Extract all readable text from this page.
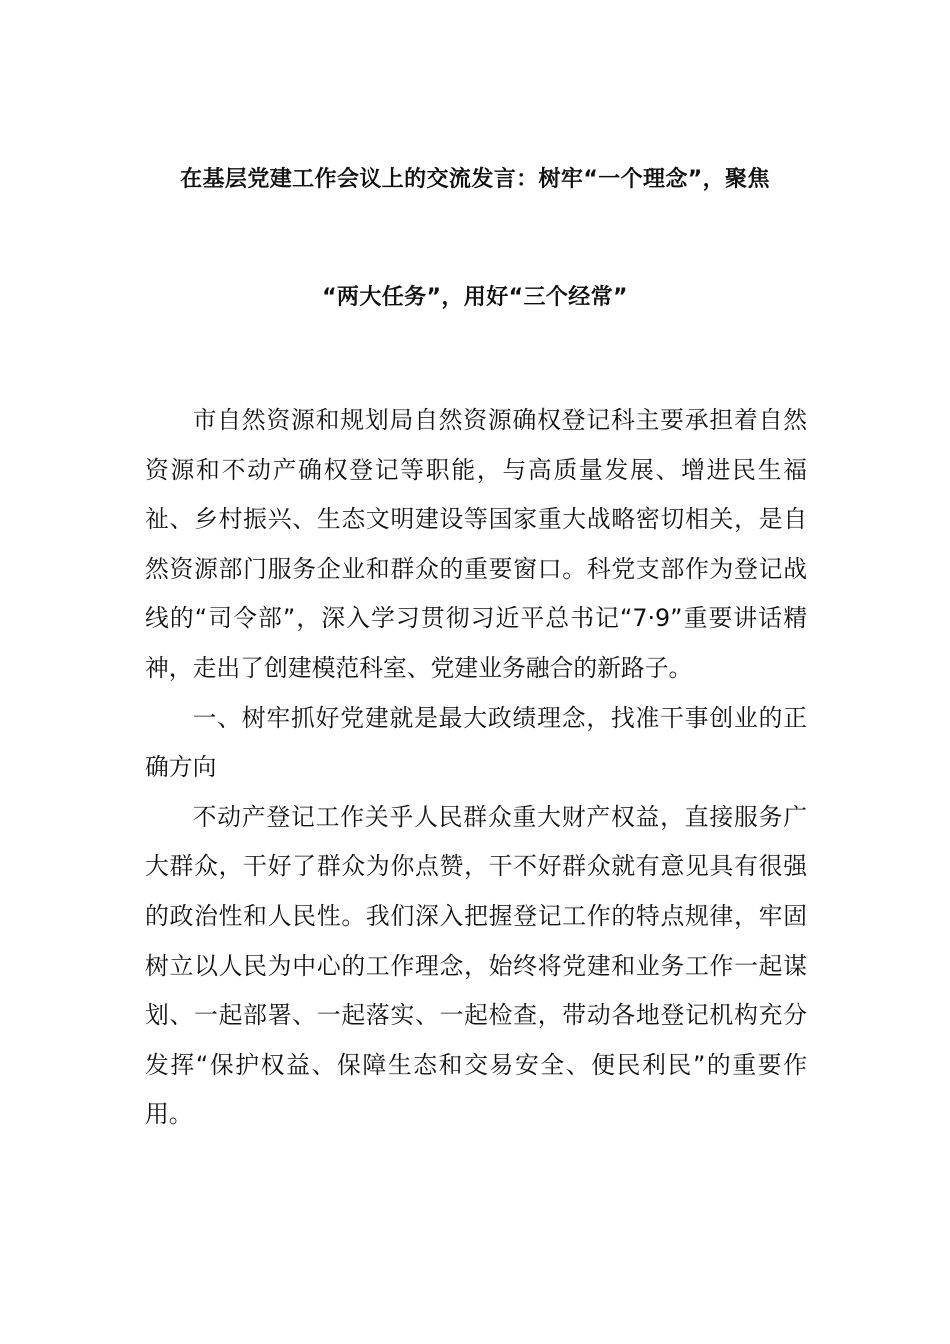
在基层党建工作会议上的交流发言：树牢“一个理念”，聚焦
“两大任务”，用好“三个经常”

市自然资源和规划局自然资源确权登记科主要承担着自然资源和不动产确权登记等职能，与高质量发展、增进民生福祉、乡村振兴、生态文明建设等国家重大战略密切相关，是自然资源部门服务企业和群众的重要窗口。科党支部作为登记战线的“司令部”，深入学习贯彻习近平总书记“7·9”重要讲话精神，走出了创建模范科室、党建业务融合的新路子。

一、树牢抓好党建就是最大政绩理念，找准干事创业的正确方向

不动产登记工作关乎人民群众重大财产权益，直接服务广大群众，干好了群众为你点赞，干不好群众就有意见具有很强的政治性和人民性。我们深入把握登记工作的特点规律，牢固树立以人民为中心的工作理念，始终将党建和业务工作一起谋划、一起部署、一起落实、一起检查，带动各地登记机构充分发挥“保护权益、保障生态和交易安全、便民利民”的重要作用。
